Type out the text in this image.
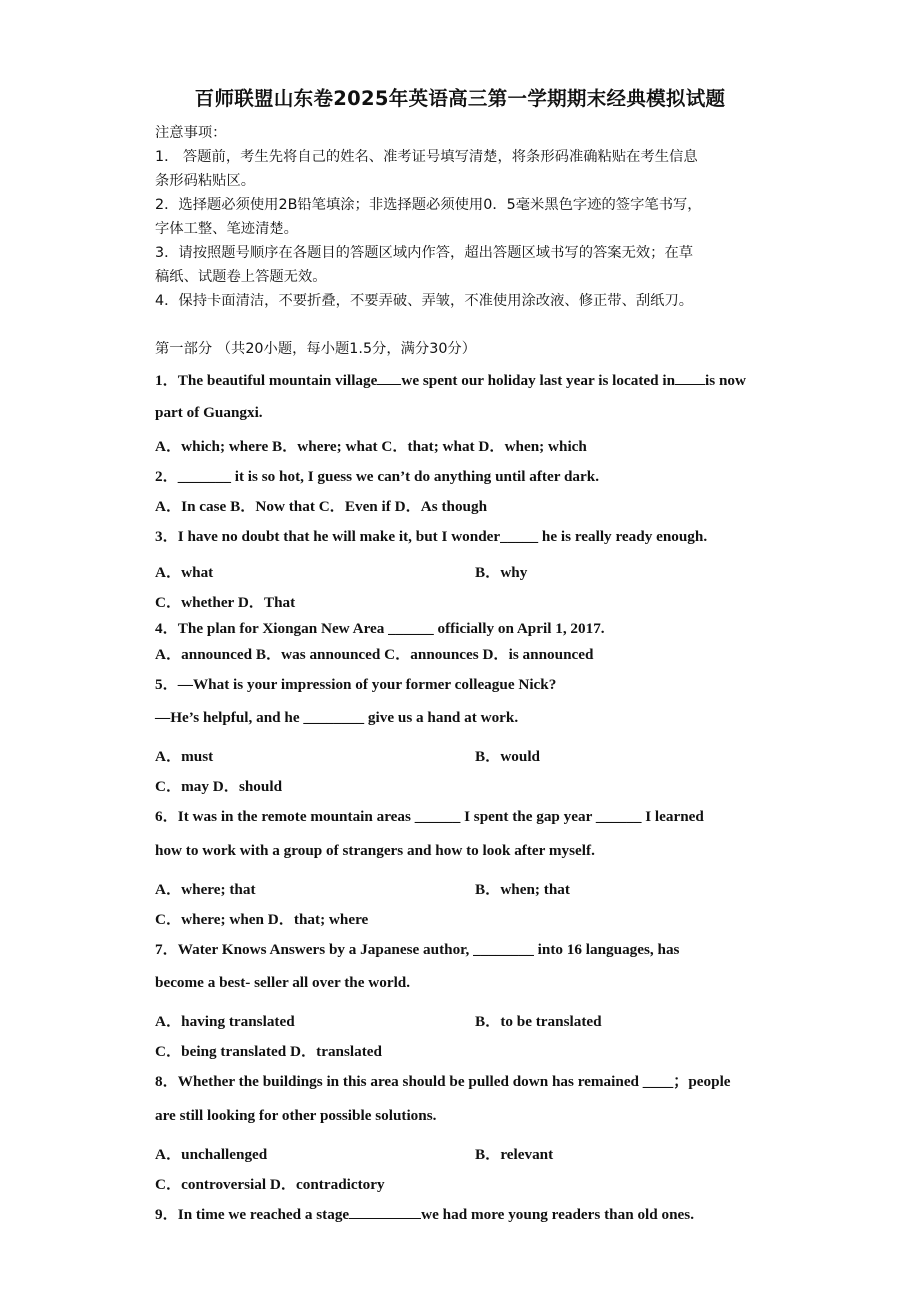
百师联盟山东卷2025年英语高三第一学期期末经典模拟试题
注意事项：
1． 答题前，考生先将自己的姓名、准考证号填写清楚，将条形码准确粘贴在考生信息
条形码粘贴区。
2．选择题必须使用2B铅笔填涂；非选择题必须使用0．5毫米黑色字迹的签字笔书写，
字体工整、笔迹清楚。
3．请按照题号顺序在各题目的答题区域内作答，超出答题区域书写的答案无效；在草
稿纸、试题卷上答题无效。
4．保持卡面清洁，不要折叠，不要弄破、弄皱，不准使用涂改液、修正带、刮纸刀。
第一部分 （共20小题，每小题1.5分，满分30分）
1．The beautiful mountain village we spent our holiday last year is located in is now
part of Guangxi.
A．which; where B．where; what C．that; what D．when; which
2．_______ it is so hot, I guess we can’t do anything until after dark.
A．In case B．Now that C．Even if D．As though
3．I have no doubt that he will make it, but I wonder_____ he is really ready enough.
A．what	B．why
C．whether D．That
4．The plan for Xiongan New Area ______ officially on April 1, 2017.
A．announced B．was announced C．announces D．is announced
5．—What is your impression of your former colleague Nick?
—He’s helpful, and he ________ give us a hand at work.
A．must	B．would
C．may D．should
6．It was in the remote mountain areas ______ I spent the gap year ______ I learned
how to work with a group of strangers and how to look after myself.
A．where; that	B．when; that
C．where; when D．that; where
7．Water Knows Answers by a Japanese author, ________ into 16 languages, has
become a best- seller all over the world.
A．having translated	B．to be translated
C．being translated D．translated
8．Whether the buildings in this area should be pulled down has remained ____；people
are still looking for other possible solutions.
A．unchallenged	B．relevant
C．controversial D．contradictory
9．In time we reached a stage	we had more young readers than old ones.
